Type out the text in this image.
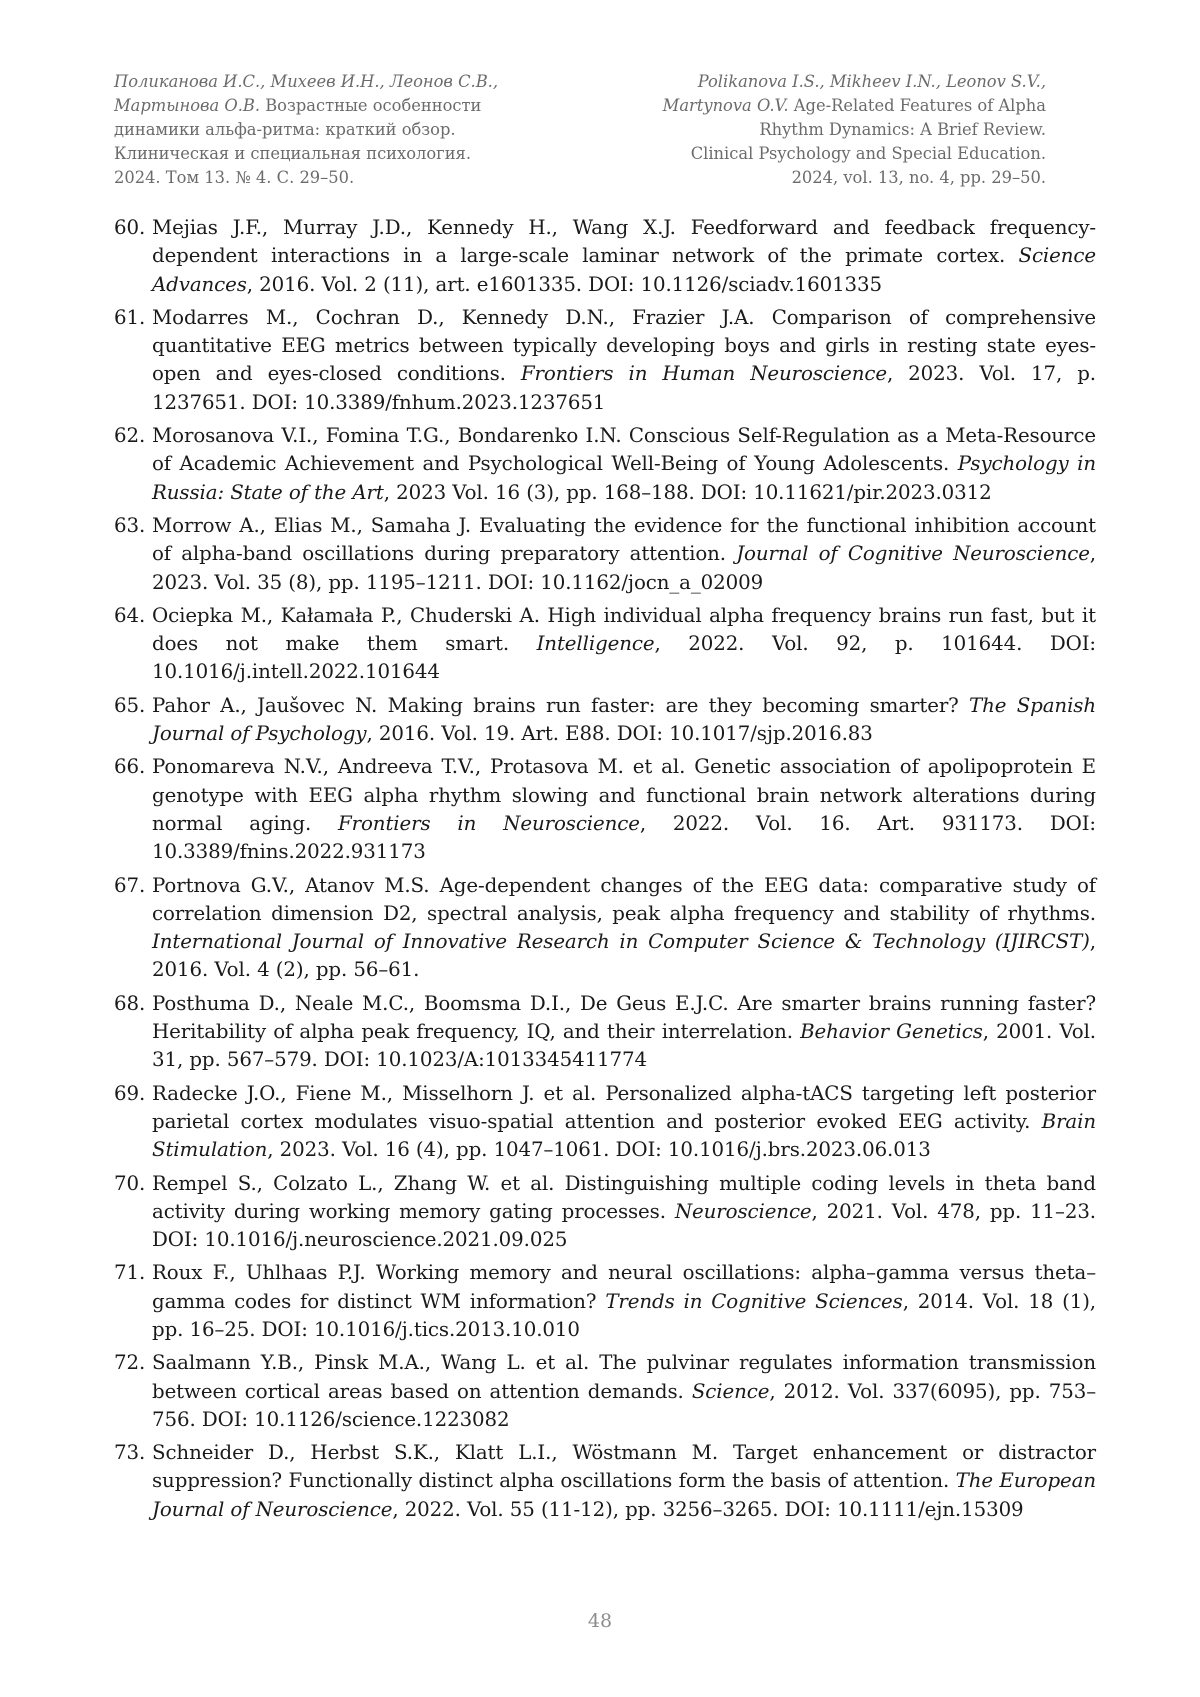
Поликанова И.С., Михеев И.Н., Леонов С.В.,
Мартынова О.В. Возрастные особенности
динамики альфа-ритма: краткий обзор.
Клиническая и специальная психология.
2024. Том 13. № 4. С. 29–50.
Polikanova I.S., Mikheev I.N., Leonov S.V.,
Martynova O.V. Age-Related Features of Alpha
Rhythm Dynamics: A Brief Review.
Clinical Psychology and Special Education.
2024, vol. 13, no. 4, pp. 29–50.
60. Mejias J.F., Murray J.D., Kennedy H., Wang X.J. Feedforward and feedback frequency-dependent interactions in a large-scale laminar network of the primate cortex. Science Advances, 2016. Vol. 2 (11), art. e1601335. DOI: 10.1126/sciadv.1601335
61. Modarres M., Cochran D., Kennedy D.N., Frazier J.A. Comparison of comprehensive quantitative EEG metrics between typically developing boys and girls in resting state eyes-open and eyes-closed conditions. Frontiers in Human Neuroscience, 2023. Vol. 17, p. 1237651. DOI: 10.3389/fnhum.2023.1237651
62. Morosanova V.I., Fomina T.G., Bondarenko I.N. Conscious Self-Regulation as a Meta-Resource of Academic Achievement and Psychological Well-Being of Young Adolescents. Psychology in Russia: State of the Art, 2023 Vol. 16 (3), pp. 168–188. DOI: 10.11621/pir.2023.0312
63. Morrow A., Elias M., Samaha J. Evaluating the evidence for the functional inhibition account of alpha-band oscillations during preparatory attention. Journal of Cognitive Neuroscience, 2023. Vol. 35 (8), pp. 1195–1211. DOI: 10.1162/jocn_a_02009
64. Ociepka M., Kałamała P., Chuderski A. High individual alpha frequency brains run fast, but it does not make them smart. Intelligence, 2022. Vol. 92, p. 101644. DOI: 10.1016/j.intell.2022.101644
65. Pahor A., Jaušovec N. Making brains run faster: are they becoming smarter? The Spanish Journal of Psychology, 2016. Vol. 19. Art. E88. DOI: 10.1017/sjp.2016.83
66. Ponomareva N.V., Andreeva T.V., Protasova M. et al. Genetic association of apolipoprotein E genotype with EEG alpha rhythm slowing and functional brain network alterations during normal aging. Frontiers in Neuroscience, 2022. Vol. 16. Art. 931173. DOI: 10.3389/fnins.2022.931173
67. Portnova G.V., Atanov M.S. Age-dependent changes of the EEG data: comparative study of correlation dimension D2, spectral analysis, peak alpha frequency and stability of rhythms. International Journal of Innovative Research in Computer Science & Technology (IJIRCST), 2016. Vol. 4 (2), pp. 56–61.
68. Posthuma D., Neale M.C., Boomsma D.I., De Geus E.J.C. Are smarter brains running faster? Heritability of alpha peak frequency, IQ, and their interrelation. Behavior Genetics, 2001. Vol. 31, pp. 567–579. DOI: 10.1023/A:1013345411774
69. Radecke J.O., Fiene M., Misselhorn J. et al. Personalized alpha-tACS targeting left posterior parietal cortex modulates visuo-spatial attention and posterior evoked EEG activity. Brain Stimulation, 2023. Vol. 16 (4), pp. 1047–1061. DOI: 10.1016/j.brs.2023.06.013
70. Rempel S., Colzato L., Zhang W. et al. Distinguishing multiple coding levels in theta band activity during working memory gating processes. Neuroscience, 2021. Vol. 478, pp. 11–23. DOI: 10.1016/j.neuroscience.2021.09.025
71. Roux F., Uhlhaas P.J. Working memory and neural oscillations: alpha–gamma versus theta–gamma codes for distinct WM information? Trends in Cognitive Sciences, 2014. Vol. 18 (1), pp. 16–25. DOI: 10.1016/j.tics.2013.10.010
72. Saalmann Y.B., Pinsk M.A., Wang L. et al. The pulvinar regulates information transmission between cortical areas based on attention demands. Science, 2012. Vol. 337(6095), pp. 753–756. DOI: 10.1126/science.1223082
73. Schneider D., Herbst S.K., Klatt L.I., Wöstmann M. Target enhancement or distractor suppression? Functionally distinct alpha oscillations form the basis of attention. The European Journal of Neuroscience, 2022. Vol. 55 (11-12), pp. 3256–3265. DOI: 10.1111/ejn.15309
48
